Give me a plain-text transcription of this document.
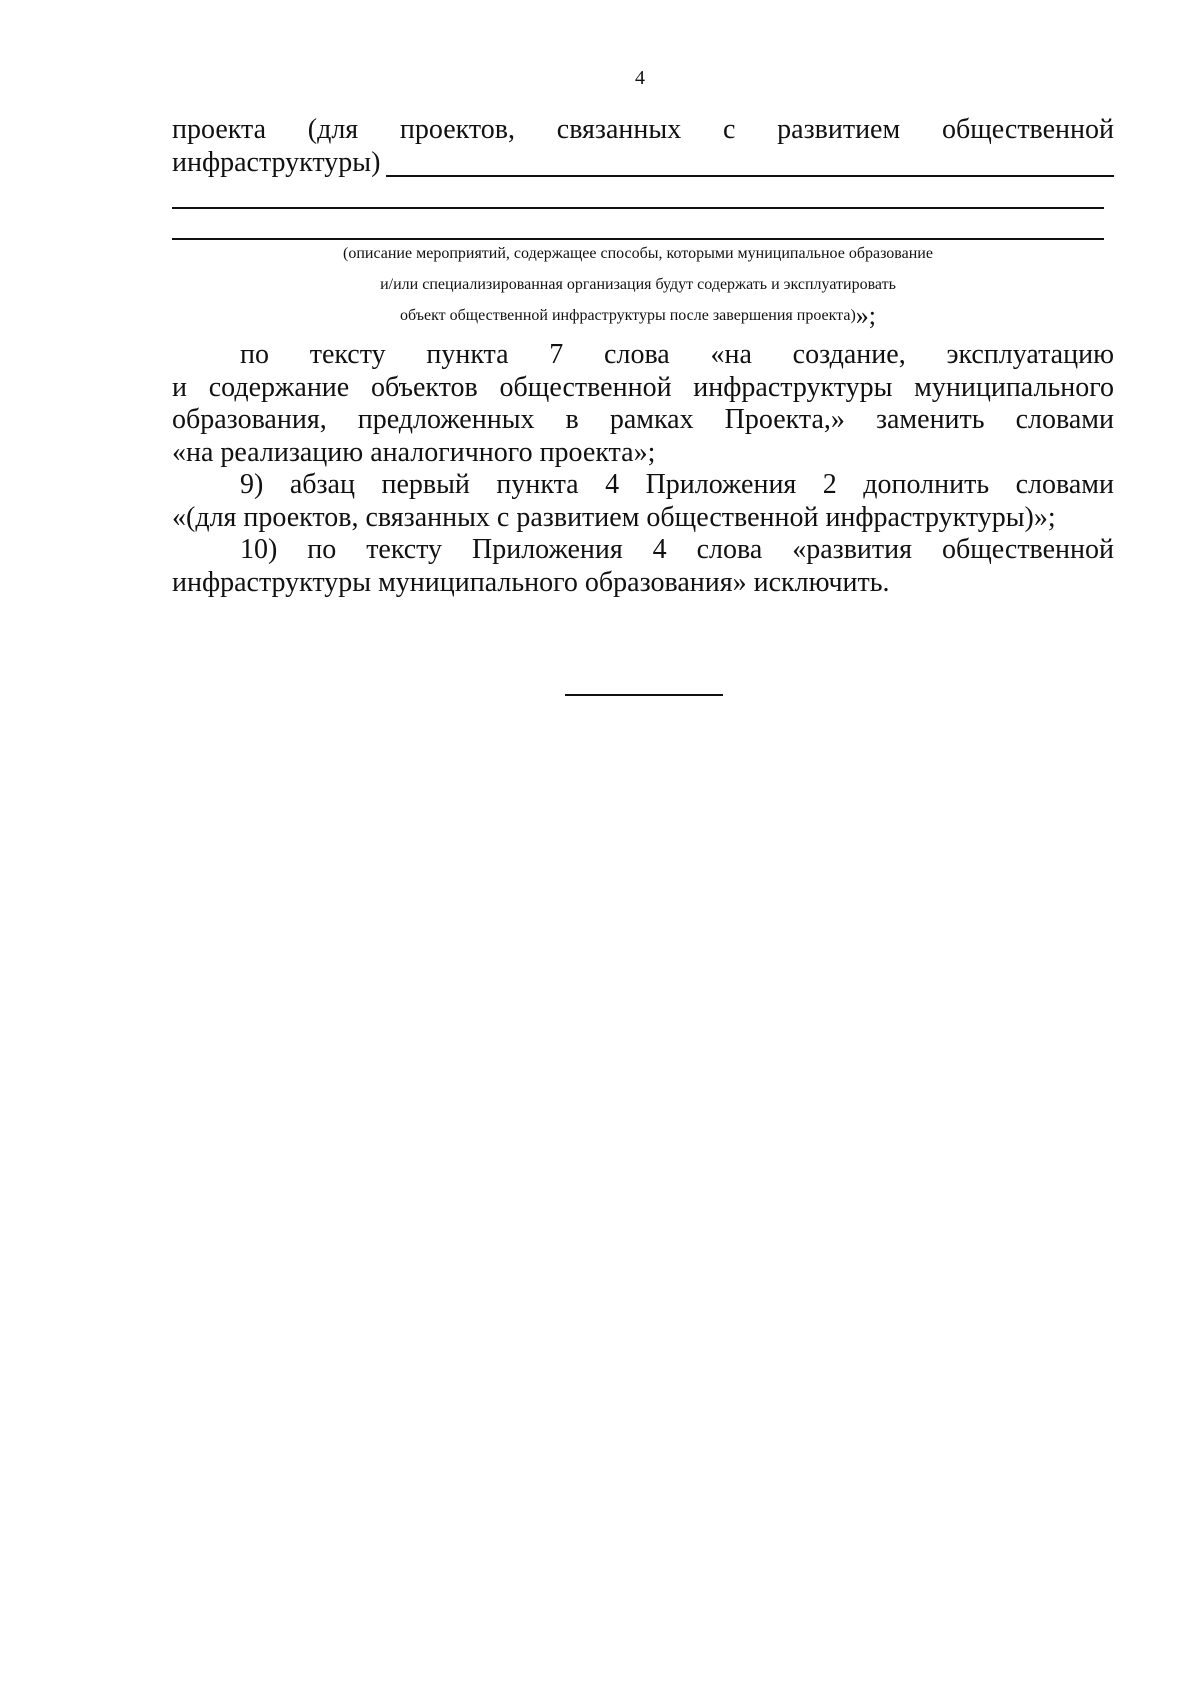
4
проекта (для проектов, связанных с развитием общественной
инфраструктуры)
(описание мероприятий, содержащее способы, которыми муниципальное образование
и/или специализированная организация будут содержать и эксплуатировать
объект общественной инфраструктуры после завершения проекта)»;
по тексту пункта 7 слова «на создание, эксплуатацию
и содержание объектов общественной инфраструктуры муниципального
образования, предложенных в рамках Проекта,» заменить словами
«на реализацию аналогичного проекта»;
9) абзац первый пункта 4 Приложения 2 дополнить словами
«(для проектов, связанных с развитием общественной инфраструктуры)»;
10) по тексту Приложения 4 слова «развития общественной
инфраструктуры муниципального образования» исключить.
